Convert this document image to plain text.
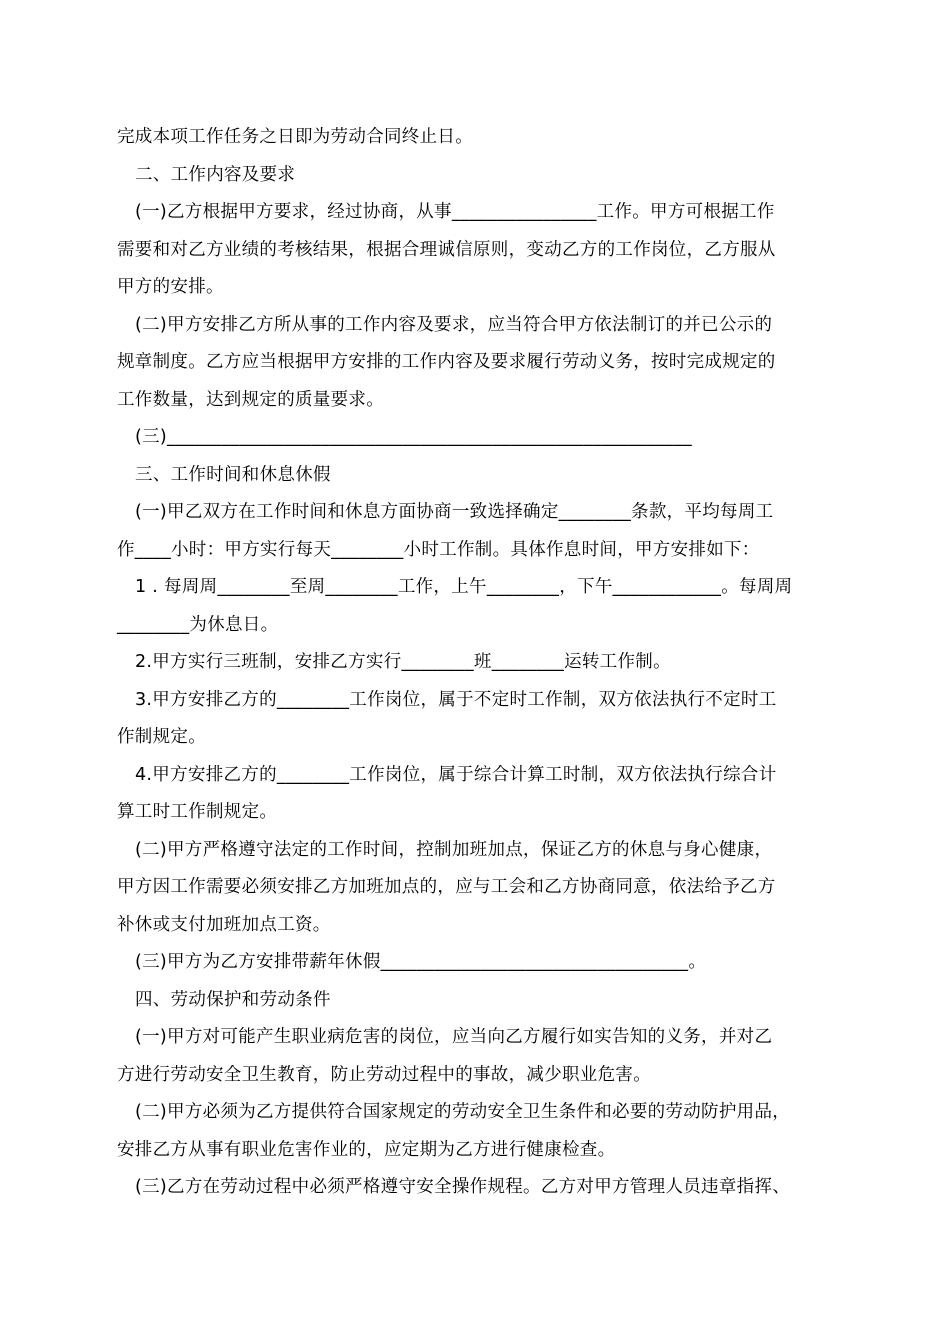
完成本项工作任务之日即为劳动合同终止日。
二、工作内容及要求
(一)乙方根据甲方要求，经过协商，从事________________工作。甲方可根据工作
需要和对乙方业绩的考核结果，根据合理诚信原则，变动乙方的工作岗位，乙方服从
甲方的安排。
(二)甲方安排乙方所从事的工作内容及要求，应当符合甲方依法制订的并已公示的
规章制度。乙方应当根据甲方安排的工作内容及要求履行劳动义务，按时完成规定的
工作数量，达到规定的质量要求。
(三)__________________________________________________________
三、工作时间和休息休假
(一)甲乙双方在工作时间和休息方面协商一致选择确定________条款，平均每周工
作____小时：甲方实行每天________小时工作制。具体作息时间，甲方安排如下：
1 . 每周周________至周________工作，上午________，下午____________。每周周
________为休息日。
2.甲方实行三班制，安排乙方实行________班________运转工作制。
3.甲方安排乙方的________工作岗位，属于不定时工作制，双方依法执行不定时工
作制规定。
4.甲方安排乙方的________工作岗位，属于综合计算工时制，双方依法执行综合计
算工时工作制规定。
(二)甲方严格遵守法定的工作时间，控制加班加点，保证乙方的休息与身心健康，
甲方因工作需要必须安排乙方加班加点的，应与工会和乙方协商同意，依法给予乙方
补休或支付加班加点工资。
(三)甲方为乙方安排带薪年休假__________________________________。
四、劳动保护和劳动条件
(一)甲方对可能产生职业病危害的岗位，应当向乙方履行如实告知的义务，并对乙
方进行劳动安全卫生教育，防止劳动过程中的事故，减少职业危害。
(二)甲方必须为乙方提供符合国家规定的劳动安全卫生条件和必要的劳动防护用品，
安排乙方从事有职业危害作业的，应定期为乙方进行健康检查。
(三)乙方在劳动过程中必须严格遵守安全操作规程。乙方对甲方管理人员违章指挥、
